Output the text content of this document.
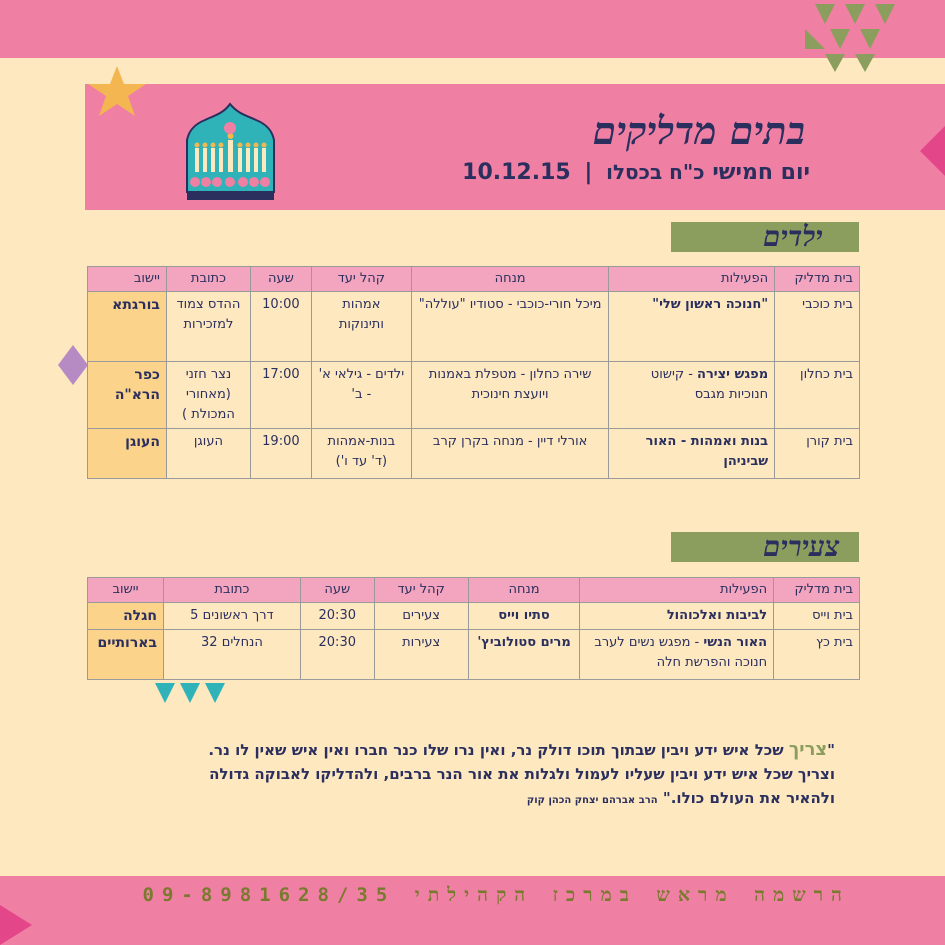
בתים מדליקים
יום חמישי כ"ח בכסלו | 10.12.15
ילדים
בית מדליק	הפעילות	מנחה	קהל יעד	שעה	כתובת	יישוב
בית כוכבי	"חנוכה ראשון שלי"	מיכל חורי-כוכבי - סטודיו "עוללה"	אמהות ותינוקות	10:00	ההדס צמוד למזכירות	בורגתא
בית כחלון	מפגש יצירה - קישוט חנוכיות מגבס	שירה כחלון - מטפלת באמנות ויועצת חינוכית	ילדים - גילאי א' - ב'	17:00	נצר חזני (מאחורי המכולת )	כפר הרא"ה
בית קורן	בנות ואמהות - האור שביניהן	אורלי דיין - מנחה בקרן קרב	בנות-אמהות (ד' עד ו')	19:00	העוגן	העוגן
צעירים
בית מדליק	הפעילות	מנחה	קהל יעד	שעה	כתובת	יישוב
בית וייס	לביבות ואלכוהול	סתיו וייס	צעירים	20:30	דרך ראשונים 5	חגלה
בית כץ	האור הנשי - מפגש נשים לערב חנוכה והפרשת חלה	מרים סטולוביץ'	צעירות	20:30	הנחלים 32	בארותיים
"צריך שכל איש ידע ויבין שבתוך תוכו דולק נר, ואין נרו שלו כנר חברו ואין איש שאין לו נר.
וצריך שכל איש ידע ויבין שעליו לעמול ולגלות את אור הנר ברבים, ולהדליקו לאבוקה גדולה
ולהאיר את העולם כולו." הרב אברהם יצחק הכהן קוק
הרשמה מראש במרכז הקהילתי 09-8981628/35
